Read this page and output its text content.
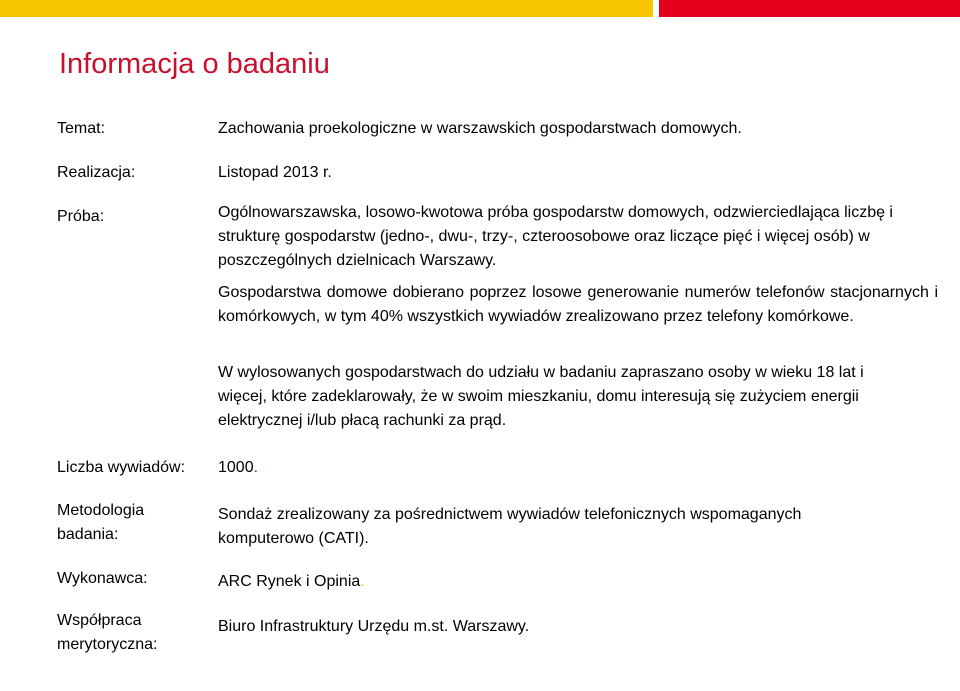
Informacja o badaniu
Temat:	Zachowania proekologiczne w warszawskich gospodarstwach domowych.
Realizacja:	Listopad 2013 r.
Próba:	Ogólnowarszawska, losowo-kwotowa próba gospodarstw domowych, odzwierciedlająca liczbę i strukturę gospodarstw (jedno-, dwu-, trzy-, czteroosobowe oraz liczące pięć i więcej osób) w poszczególnych dzielnicach Warszawy.
Gospodarstwa domowe dobierano poprzez losowe generowanie numerów telefonów stacjonarnych i komórkowych, w tym 40% wszystkich wywiadów zrealizowano przez telefony komórkowe.
W wylosowanych gospodarstwach do udziału w badaniu zapraszano osoby w wieku 18 lat i więcej, które zadeklarowały, że w swoim mieszkaniu, domu interesują się zużyciem energii elektrycznej i/lub płacą rachunki za prąd.
Liczba wywiadów: 1000.
Metodologia
badania:
Sondaż zrealizowany za pośrednictwem wywiadów telefonicznych wspomaganych komputerowo (CATI).
Wykonawca:	ARC Rynek i Opinia.
Współpraca
merytoryczna:
Biuro Infrastruktury Urzędu m.st. Warszawy.
